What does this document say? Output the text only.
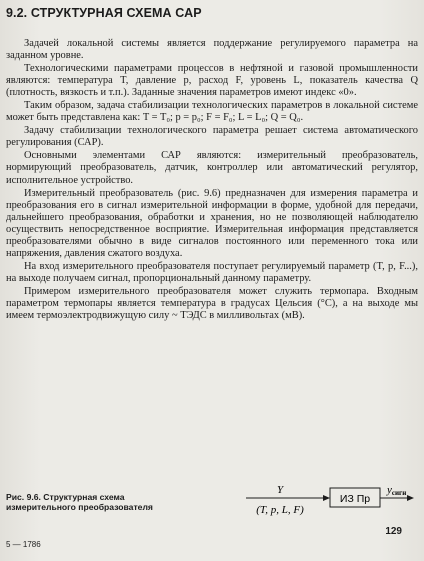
9.2. СТРУКТУРНАЯ СХЕМА САР

Задачей локальной системы является поддержание регулируемого параметра на заданном уровне.

Технологическими параметрами процессов в нефтяной и газовой промышленности являются: температура T, давление p, расход F, уровень L, показатель качества Q (плотность, вязкость и т.п.). Заданные значения параметров имеют индекс «0».

Таким образом, задача стабилизации технологических параметров в локальной системе может быть представлена как: T = T₀; p = p₀; F = F₀; L = L₀; Q = Q₀.

Задачу стабилизации технологического параметра решает система автоматического регулирования (САР).

Основными элементами САР являются: измерительный преобразователь, нормирующий преобразователь, датчик, контроллер или автоматический регулятор, исполнительное устройство.

Измерительный преобразователь (рис. 9.6) предназначен для измерения параметра и преобразования его в сигнал измерительной информации в форме, удобной для передачи, дальнейшего преобразования, обработки и хранения, но не позволяющей наблюдателю осуществить непосредственное восприятие. Измерительная информация представляется преобразователями обычно в виде сигналов постоянного или переменного тока или напряжения, давления сжатого воздуха.

На вход измерительного преобразователя поступает регулируемый параметр (T, p, F...), на выходе получаем сигнал, пропорциональный данному параметру.

Примером измерительного преобразователя может служить термопара. Входным параметром термопары является температура в градусах Цельсия (°С), а на выходе мы имеем термоэлектродвижущую силу ~ ТЭДС в милливольтах (мВ).

Рис. 9.6. Структурная схема измерительного преобразователя
Y
(T, p, L, F)
ИЗ Пр
yсигн
129
5 — 1786
